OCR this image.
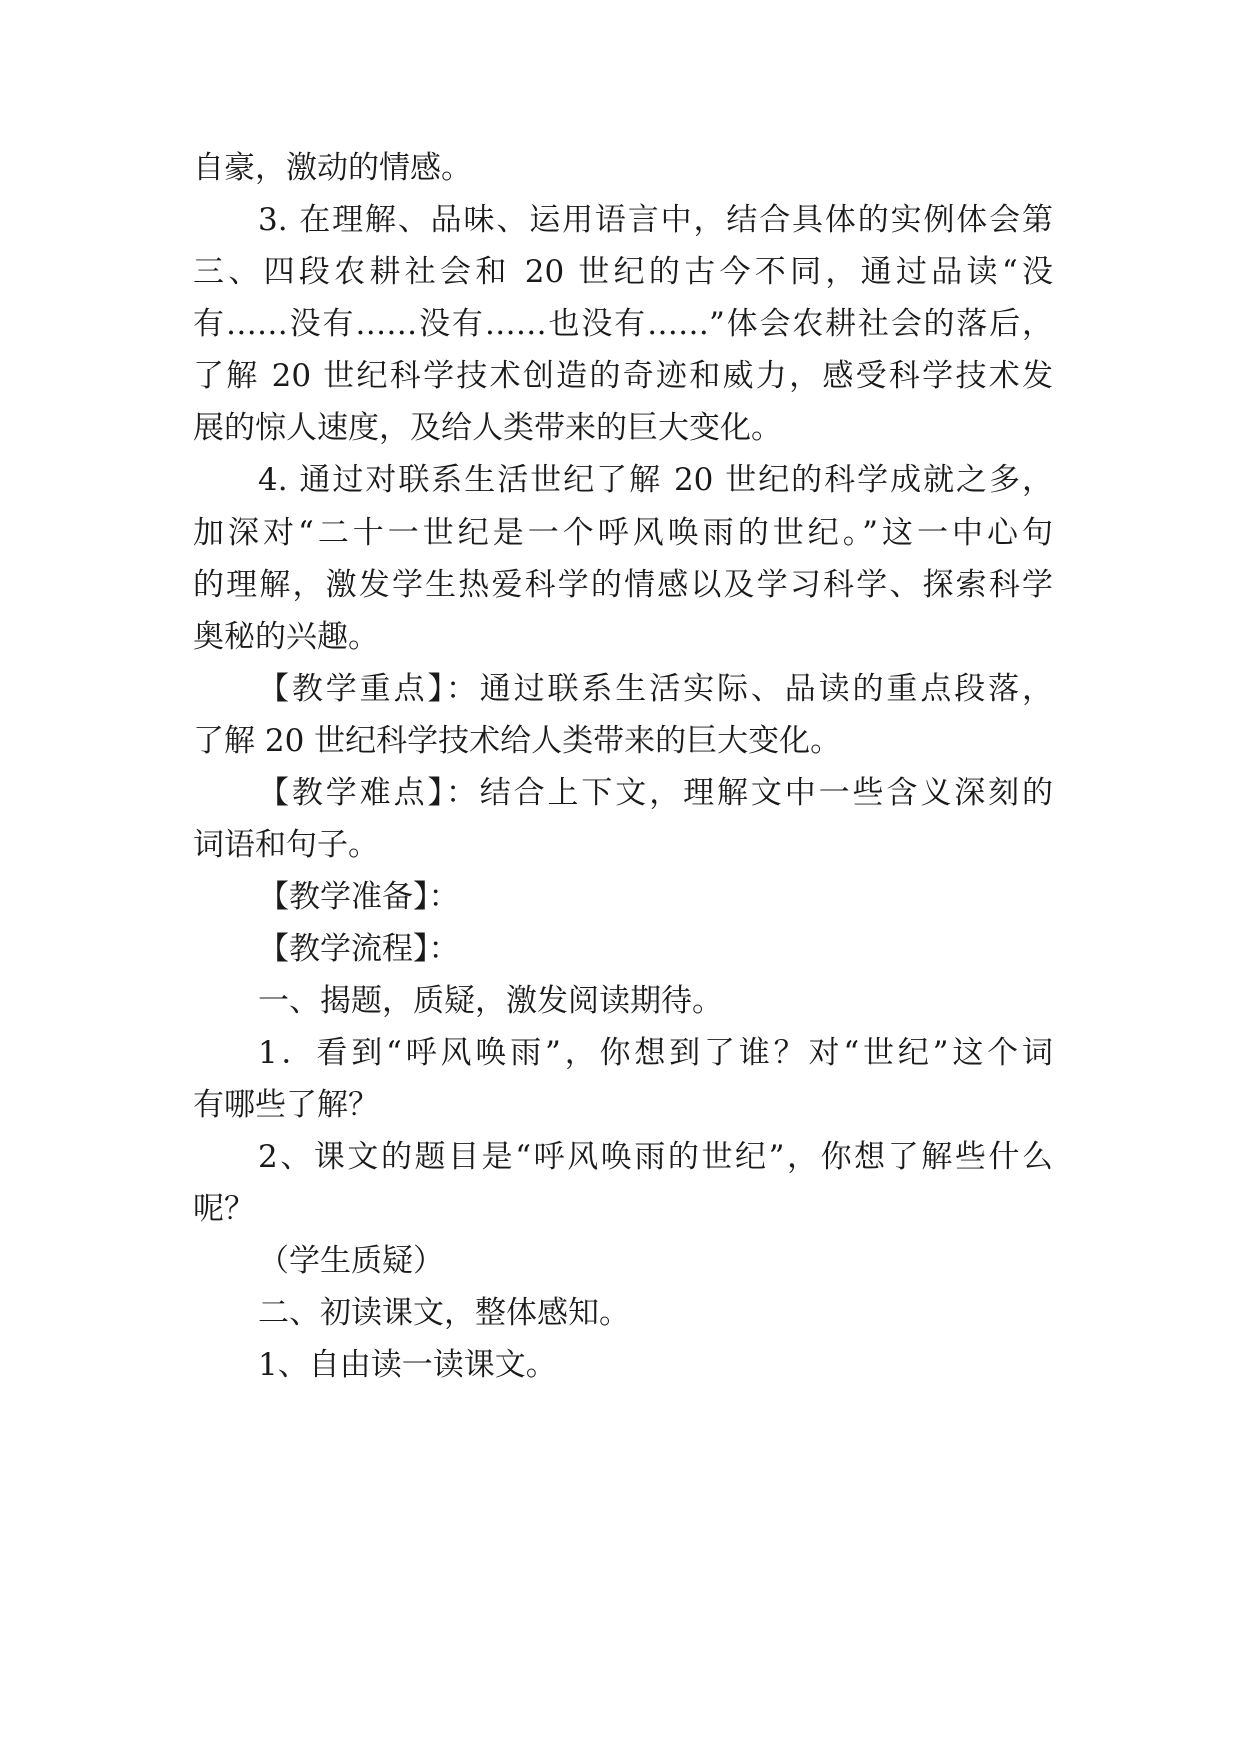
自豪，激动的情感。
3. 在理解、品味、运用语言中，结合具体的实例体会第
三、四段农耕社会和 20 世纪的古今不同，通过品读“没
有……没有……没有……也没有……”体会农耕社会的落后，
了解 20 世纪科学技术创造的奇迹和威力，感受科学技术发
展的惊人速度，及给人类带来的巨大变化。
4. 通过对联系生活世纪了解 20 世纪的科学成就之多，
加深对“二十一世纪是一个呼风唤雨的世纪。”这一中心句
的理解，激发学生热爱科学的情感以及学习科学、探索科学
奥秘的兴趣。
【教学重点】：通过联系生活实际、品读的重点段落，
了解 20 世纪科学技术给人类带来的巨大变化。
【教学难点】：结合上下文，理解文中一些含义深刻的
词语和句子。
【教学准备】：
【教学流程】：
一、揭题，质疑，激发阅读期待。
1．看到“呼风唤雨”，你想到了谁？对“世纪”这个词
有哪些了解？
2、课文的题目是“呼风唤雨的世纪”，你想了解些什么
呢？
（学生质疑）
二、初读课文，整体感知。
1、自由读一读课文。
